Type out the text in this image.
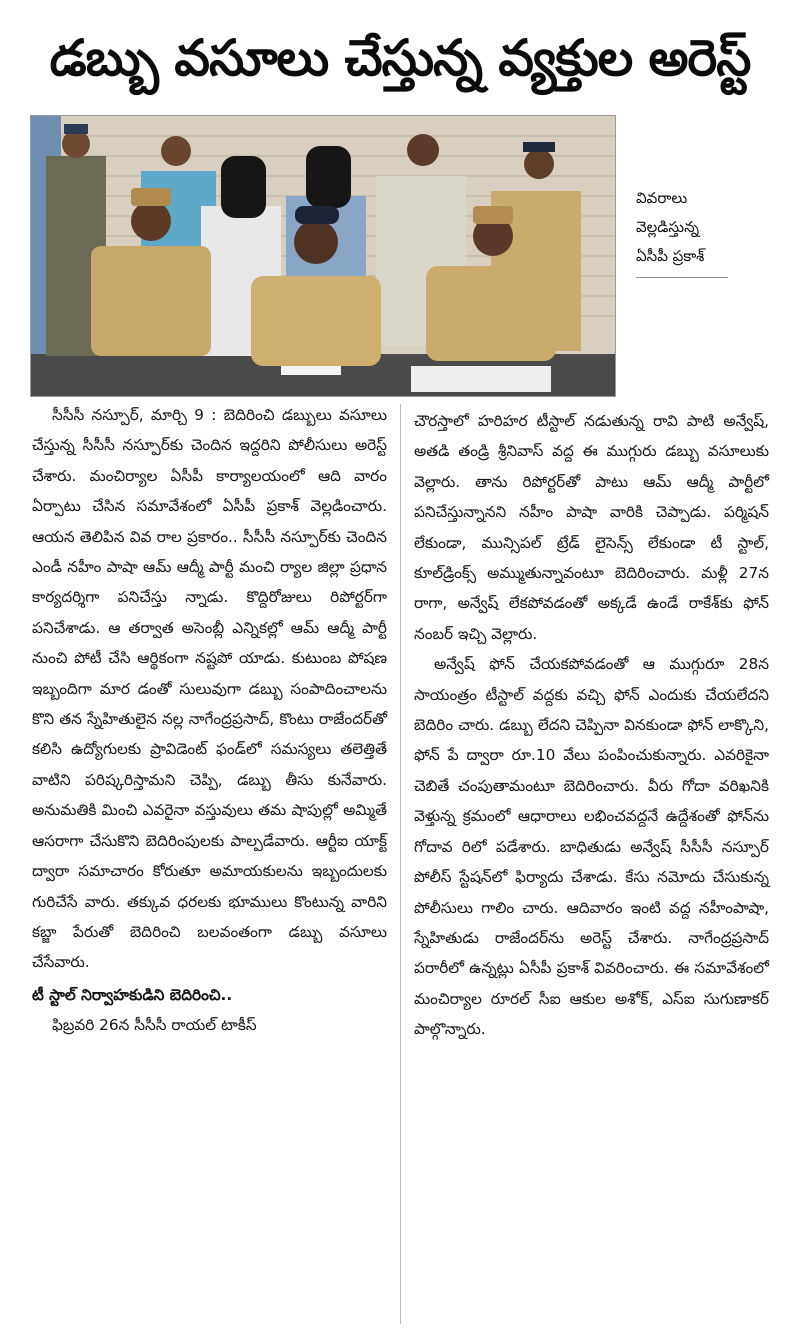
డబ్బు వసూలు చేస్తున్న వ్యక్తుల అరెస్ట్
వివరాలు
వెల్లడిస్తున్న
ఏసీపీ ప్రకాశ్

సీసీసీ నస్పూర్, మార్చి 9 : బెదిరించి డబ్బులు వసూలు చేస్తున్న సీసీసీ నస్పూర్‌కు చెందిన ఇద్దరిని పోలీసులు అరెస్ట్ చేశారు. మంచిర్యాల ఏసీపీ కార్యాలయంలో ఆది వారం ఏర్పాటు చేసిన సమావేశంలో ఏసీపీ ప్రకాశ్ వెల్లడించారు. ఆయన తెలిపిన వివ రాల ప్రకారం.. సీసీసీ నస్పూర్‌కు చెందిన ఎండీ నహీం పాషా ఆమ్ ఆద్మీ పార్టీ మంచి ర్యాల జిల్లా ప్రధాన కార్యదర్శిగా పనిచేస్తు న్నాడు. కొద్దిరోజులు రిపోర్టర్‌గా పనిచేశాడు. ఆ తర్వాత అసెంబ్లీ ఎన్నికల్లో ఆమ్ ఆద్మీ పార్టీ నుంచి పోటీ చేసి ఆర్థికంగా నష్టపో యాడు. కుటుంబ పోషణ ఇబ్బందిగా మార డంతో సులువుగా డబ్బు సంపాదించాలను కొని తన స్నేహితులైన నల్ల నాగేంద్రప్రసాద్, కొంటు రాజేందర్‌తో కలిసి ఉద్యోగులకు ప్రావిడెంట్ ఫండ్‌లో సమస్యలు తలెత్తితే వాటిని పరిష్కరిస్తామని చెప్పి, డబ్బు తీసు కునేవారు. అనుమతికి మించి ఎవరైనా వస్తువులు తమ షాపుల్లో అమ్మితే ఆసరాగా చేసుకొని బెదిరింపులకు పాల్పడేవారు. ఆర్టీఐ యాక్ట్ ద్వారా సమాచారం కోరుతూ అమాయకులను ఇబ్బందులకు గురిచేసే వారు. తక్కువ ధరలకు భూములు కొంటున్న వారిని కబ్జా పేరుతో బెదిరించి బలవంతంగా డబ్బు వసూలు చేసేవారు.

టీ స్టాల్ నిర్వాహకుడిని బెదిరించి..

ఫిబ్రవరి 26న సీసీసీ రాయల్ టాకీస్

చౌరస్తాలో హరిహర టీస్టాల్ నడుతున్న రావి పాటి అన్వేష్, అతడి తండ్రి శ్రీనివాస్ వద్ద ఈ ముగ్గురు డబ్బు వసూలుకు వెల్లారు. తాను రిపోర్టర్‌తో పాటు ఆమ్ ఆద్మీ పార్టీలో పనిచేస్తున్నానని నహీం పాషా వారికి చెప్పాడు. పర్మిషన్ లేకుండా, మున్సిపల్ ట్రేడ్ లైసెన్స్ లేకుండా టీ స్టాల్, కూల్‌డ్రింక్స్ అమ్ముతున్నావంటూ బెదిరించారు. మళ్లీ 27న రాగా, అన్వేష్ లేకపోవడంతో అక్కడే ఉండే రాకేశ్‌కు ఫోన్ నంబర్ ఇచ్చి వెల్లారు.

అన్వేష్ ఫోన్ చేయకపోవడంతో ఆ ముగ్గురూ 28న సాయంత్రం టీస్టాల్ వద్దకు వచ్చి ఫోన్ ఎందుకు చేయలేదని బెదిరిం చారు. డబ్బు లేదని చెప్పినా వినకుండా ఫోన్ లాక్కొని, ఫోన్ పే ద్వారా రూ.10 వేలు పంపించుకున్నారు. ఎవరికైనా చెబితే చంపుతామంటూ బెదిరించారు. వీరు గోదా వరిఖనికి వెళ్తున్న క్రమంలో ఆధారాలు లభించవద్దనే ఉద్దేశంతో ఫోన్‌ను గోదావ రిలో పడేశారు. బాధితుడు అన్వేష్ సీసీసీ నస్పూర్ పోలీస్ స్టేషన్‌లో ఫిర్యాదు చేశాడు. కేసు నమోదు చేసుకున్న పోలీసులు గాలిం చారు. ఆదివారం ఇంటి వద్ద నహీంపాషా, స్నేహితుడు రాజేందర్‌ను అరెస్ట్ చేశారు. నాగేంద్రప్రసాద్ పరారీలో ఉన్నట్లు ఏసీపీ ప్రకాశ్ వివరించారు. ఈ సమావేశంలో మంచిర్యాల రూరల్ సీఐ ఆకుల అశోక్, ఎస్ఐ సుగుణాకర్ పాల్గొన్నారు.
